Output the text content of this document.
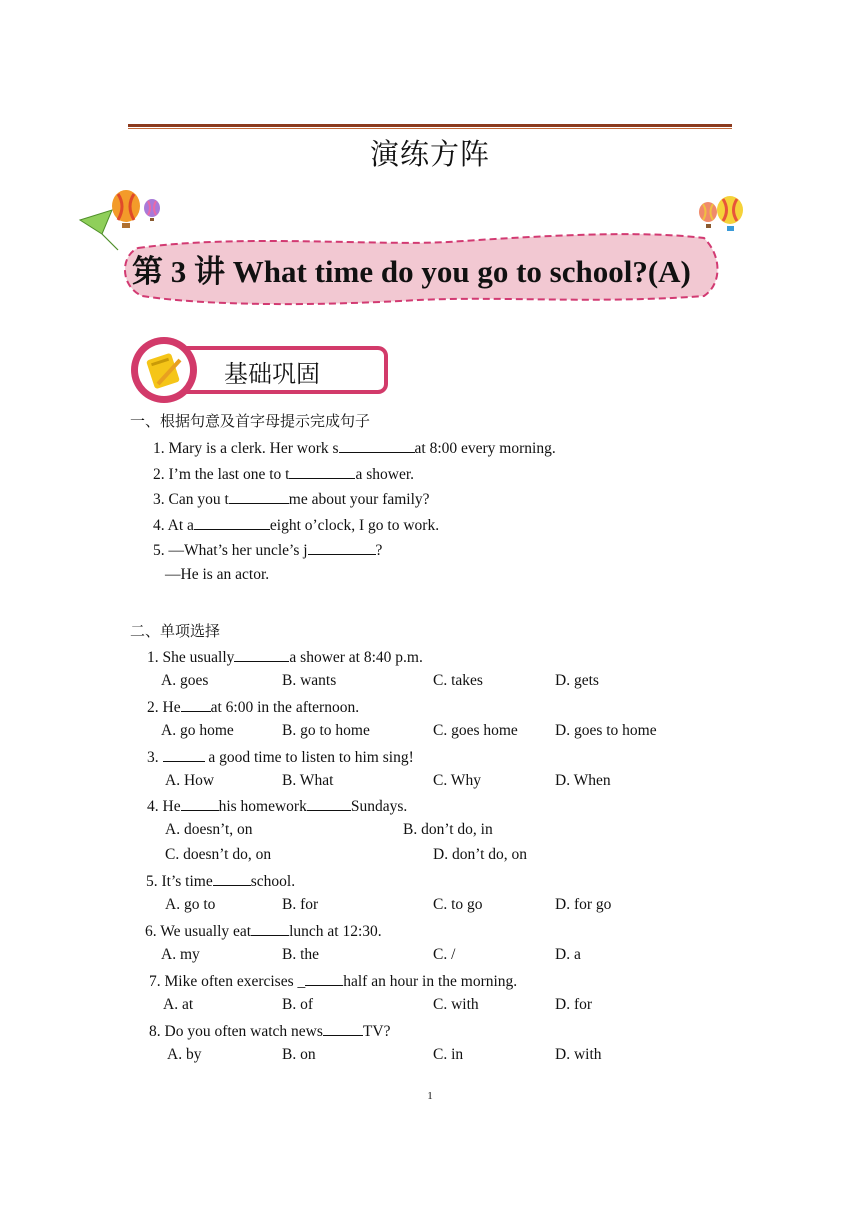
演练方阵
第 3 讲 What time do you go to school?(A)
基础巩固
一、根据句意及首字母提示完成句子
1. Mary is a clerk. Her work s	at 8:00 every morning.
2. I’m the last one to t	a shower.
3. Can you t	me about your family?
4. At a	eight o’clock, I go to work.
5. —What’s her uncle’s j	?
—He is an actor.
二、单项选择
1. She usually	a shower at 8:40 p.m.
A. goes	B. wants	C. takes	D. gets
2. He at 6:00 in the afternoon.
A. go home	B. go to home	C. goes home D. goes to home
3.	a good time to listen to him sing!
A. How	B. What	C. Why	D. When
4. He his homework	Sundays.
A. doesn’t, on	B. don’t do, in
C. doesn’t do, on	D. don’t do, on
5. It’s time school.
A. go to	B. for	C. to go	D. for go
6. We usually eat lunch at 12:30.
A. my	B. the	C. /	D. a
7. Mike often exercises _ half an hour in the morning.
A. at	B. of	C. with	D. for
8. Do you often watch news	TV?
A. by	B. on	C. in	D. with
1
